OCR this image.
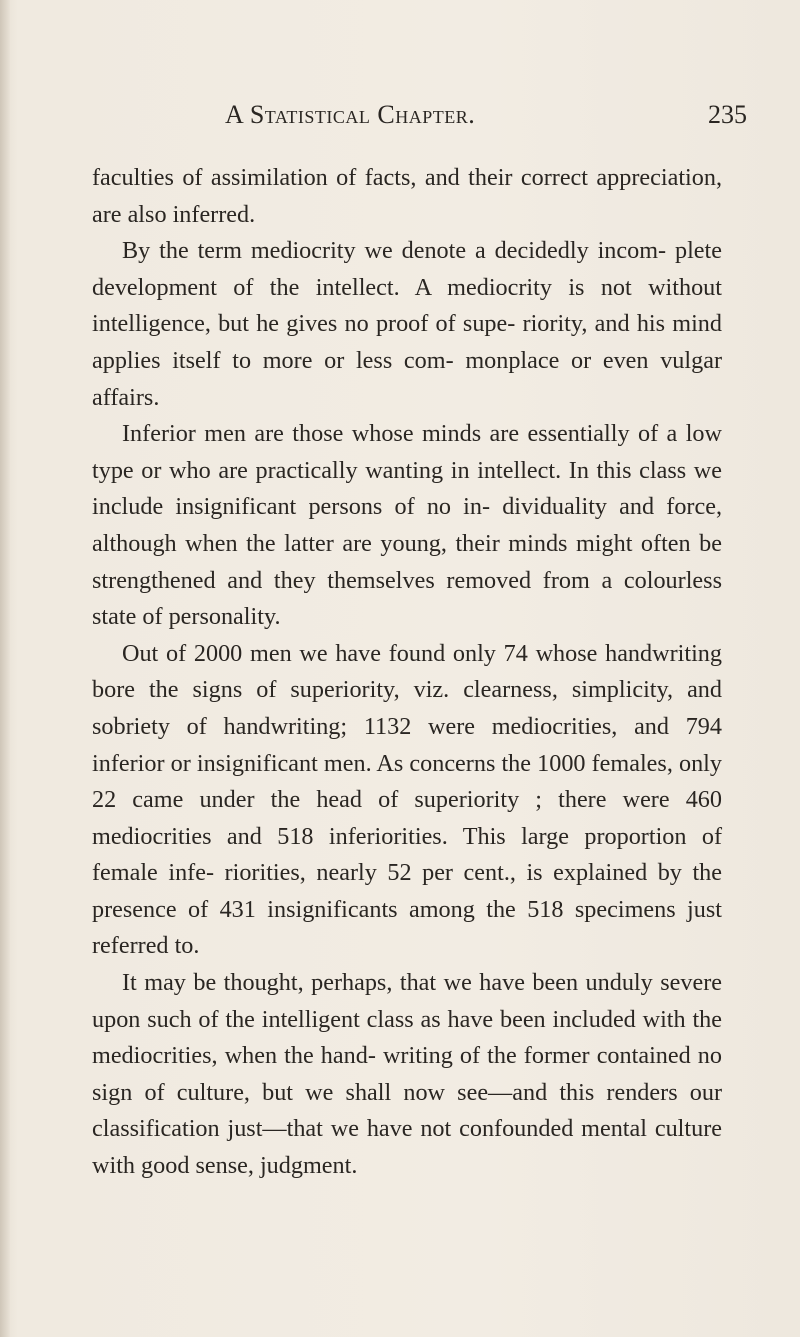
A Statistical Chapter.	235

faculties of assimilation of facts, and their correct appreciation, are also inferred.

By the term mediocrity we denote a decidedly incom- plete development of the intellect. A mediocrity is not without intelligence, but he gives no proof of supe- riority, and his mind applies itself to more or less com- monplace or even vulgar affairs.

Inferior men are those whose minds are essentially of a low type or who are practically wanting in intellect. In this class we include insignificant persons of no in- dividuality and force, although when the latter are young, their minds might often be strengthened and they themselves removed from a colourless state of personality.

Out of 2000 men we have found only 74 whose handwriting bore the signs of superiority, viz. clearness, simplicity, and sobriety of handwriting; 1132 were mediocrities, and 794 inferior or insignificant men. As concerns the 1000 females, only 22 came under the head of superiority ; there were 460 mediocrities and 518 inferiorities. This large proportion of female infe- riorities, nearly 52 per cent., is explained by the presence of 431 insignificants among the 518 specimens just referred to.

It may be thought, perhaps, that we have been unduly severe upon such of the intelligent class as have been included with the mediocrities, when the hand- writing of the former contained no sign of culture, but we shall now see—and this renders our classification just—that we have not confounded mental culture with good sense, judgment.
